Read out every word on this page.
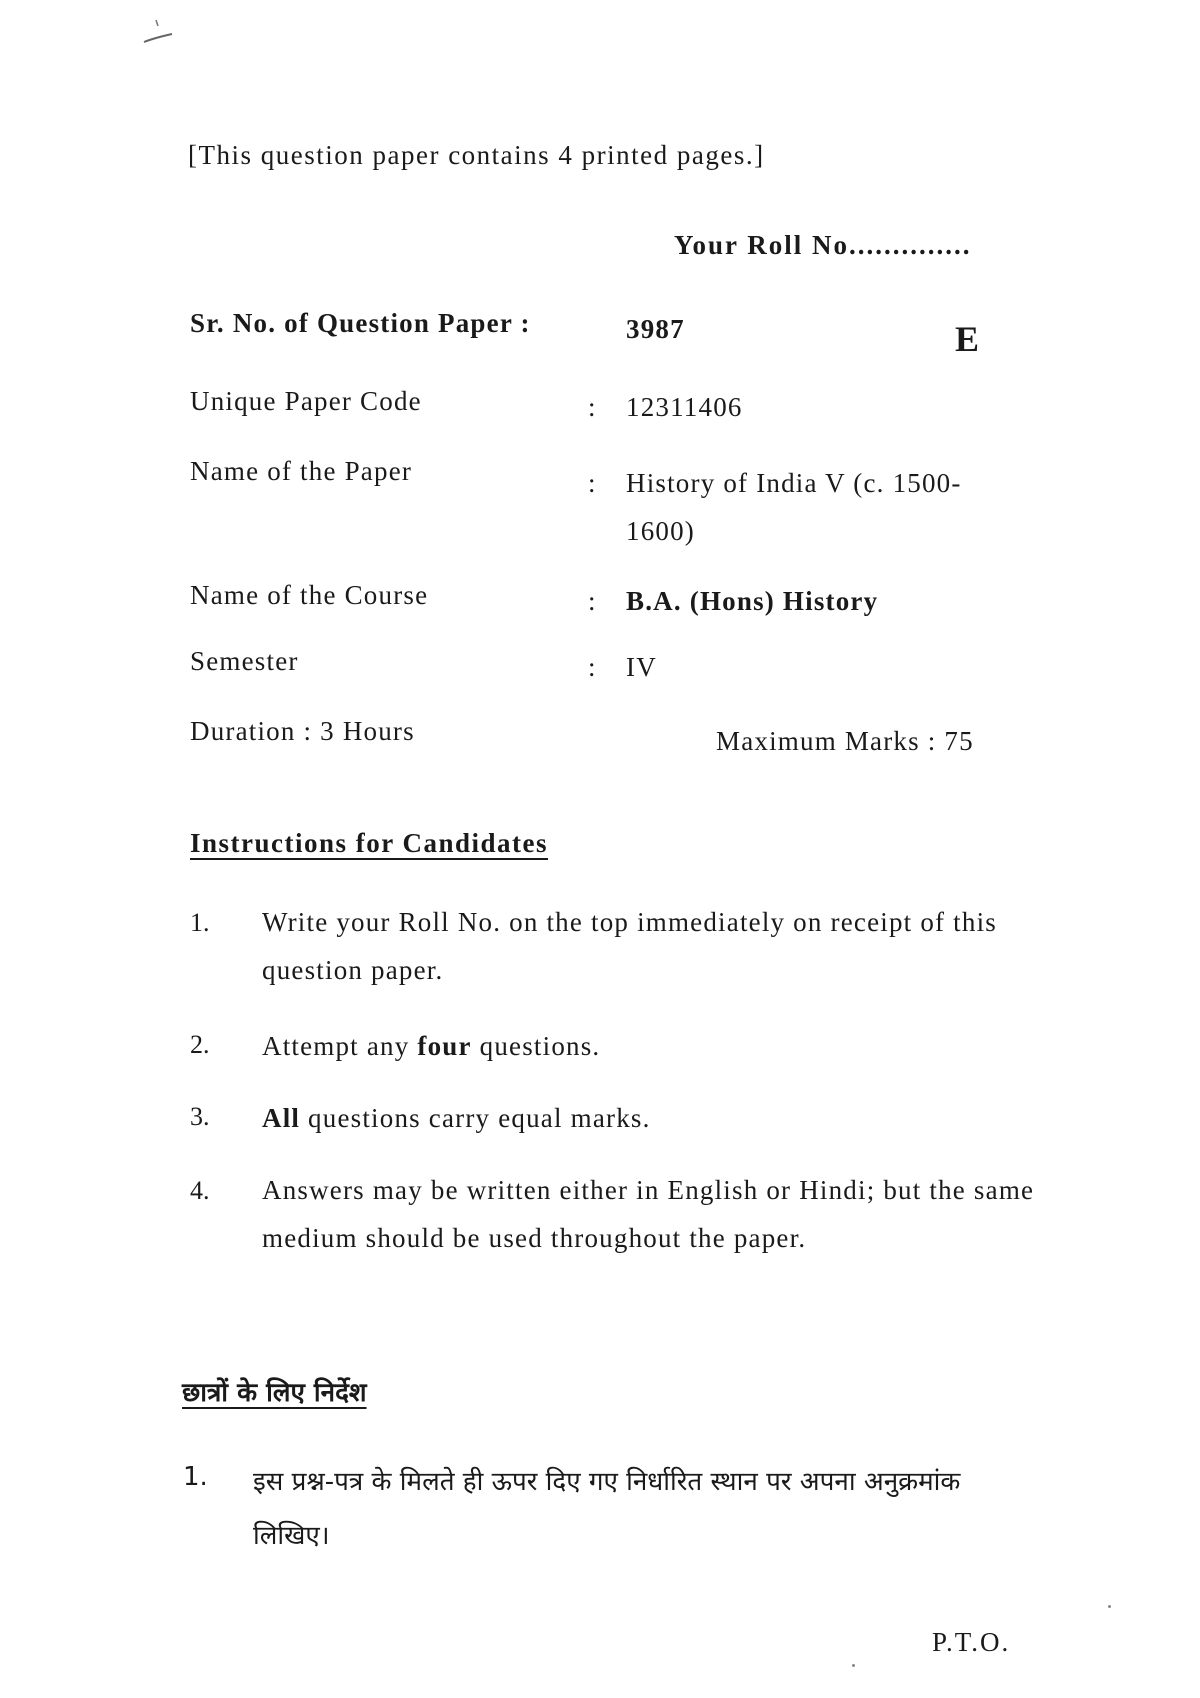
[This question paper contains 4 printed pages.]
Your Roll No..............
Sr. No. of Question Paper :	3987	E
Unique Paper Code	: 12311406
Name of the Paper	: History of India V (c. 1500-
1600)
Name of the Course	: B.A. (Hons) History
Semester	: IV
Duration : 3 Hours	Maximum Marks : 75
Instructions for Candidates
1. Write your Roll No. on the top immediately on receipt of this question paper.
2. Attempt any four questions.
3. All questions carry equal marks.
4. Answers may be written either in English or Hindi; but the same medium should be used throughout the paper.
छात्रों के लिए निर्देश
1. इस प्रश्न-पत्र के मिलते ही ऊपर दिए गए निर्धारित स्थान पर अपना अनुक्रमांक लिखिए।
P.T.O.
